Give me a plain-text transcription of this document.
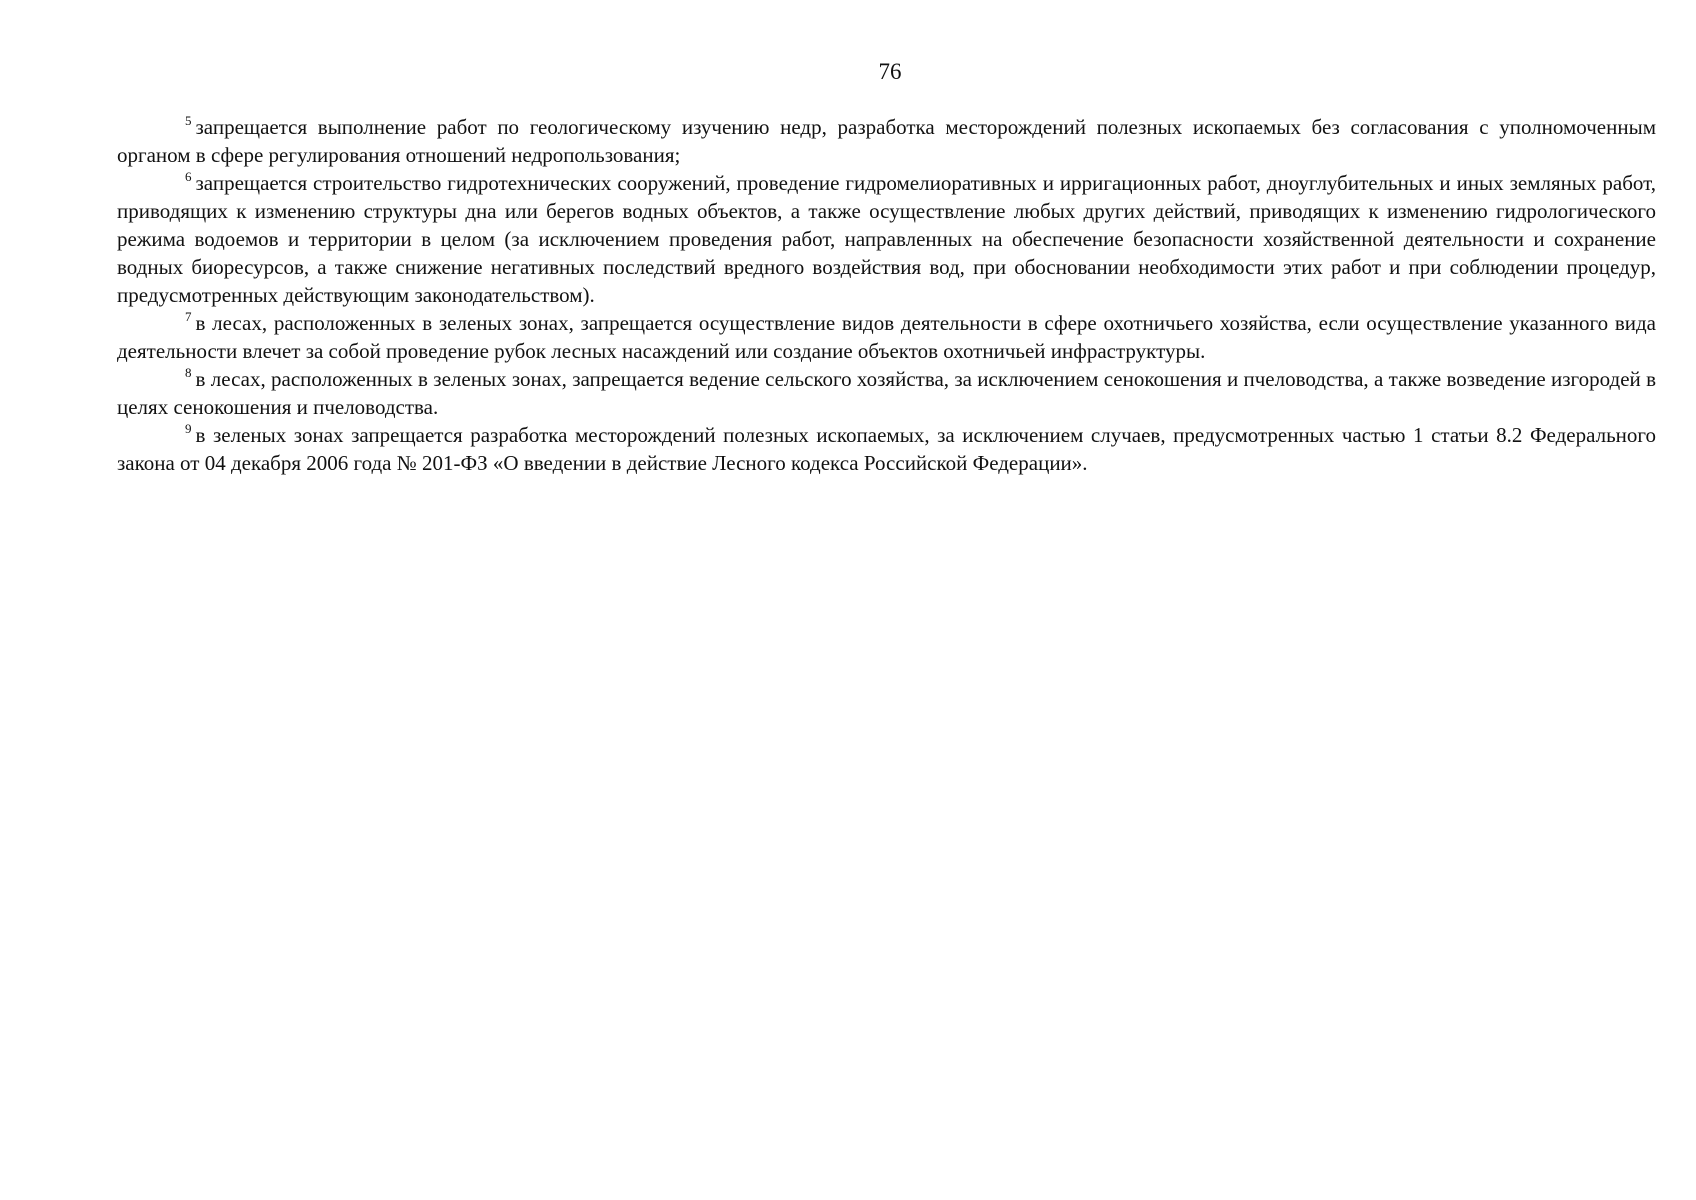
76

$^5$ запрещается выполнение работ по геологическому изучению недр, разработка месторождений полезных ископаемых без согласования с уполномоченным органом в сфере регулирования отношений недропользования;

$^6$ запрещается строительство гидротехнических сооружений, проведение гидромелиоративных и ирригационных работ, дноуглубительных и иных земляных работ, приводящих к изменению структуры дна или берегов водных объектов, а также осуществление любых других действий, приводящих к изменению гидрологического режима водоемов и территории в целом (за исключением проведения работ, направленных на обеспечение безопасности хозяйственной деятельности и сохранение водных биоресурсов, а также снижение негативных последствий вредного воздействия вод, при обосновании необходимости этих работ и при соблюдении процедур, предусмотренных действующим законодательством).

$^7$ в лесах, расположенных в зеленых зонах, запрещается осуществление видов деятельности в сфере охотничьего хозяйства, если осуществление указанного вида деятельности влечет за собой проведение рубок лесных насаждений или создание объектов охотничьей инфраструктуры.

$^8$ в лесах, расположенных в зеленых зонах, запрещается ведение сельского хозяйства, за исключением сенокошения и пчеловодства, а также возведение изгородей в целях сенокошения и пчеловодства.

$^9$ в зеленых зонах запрещается разработка месторождений полезных ископаемых, за исключением случаев, предусмотренных частью 1 статьи 8.2 Федерального закона от 04 декабря 2006 года № 201-ФЗ «О введении в действие Лесного кодекса Российской Федерации».
